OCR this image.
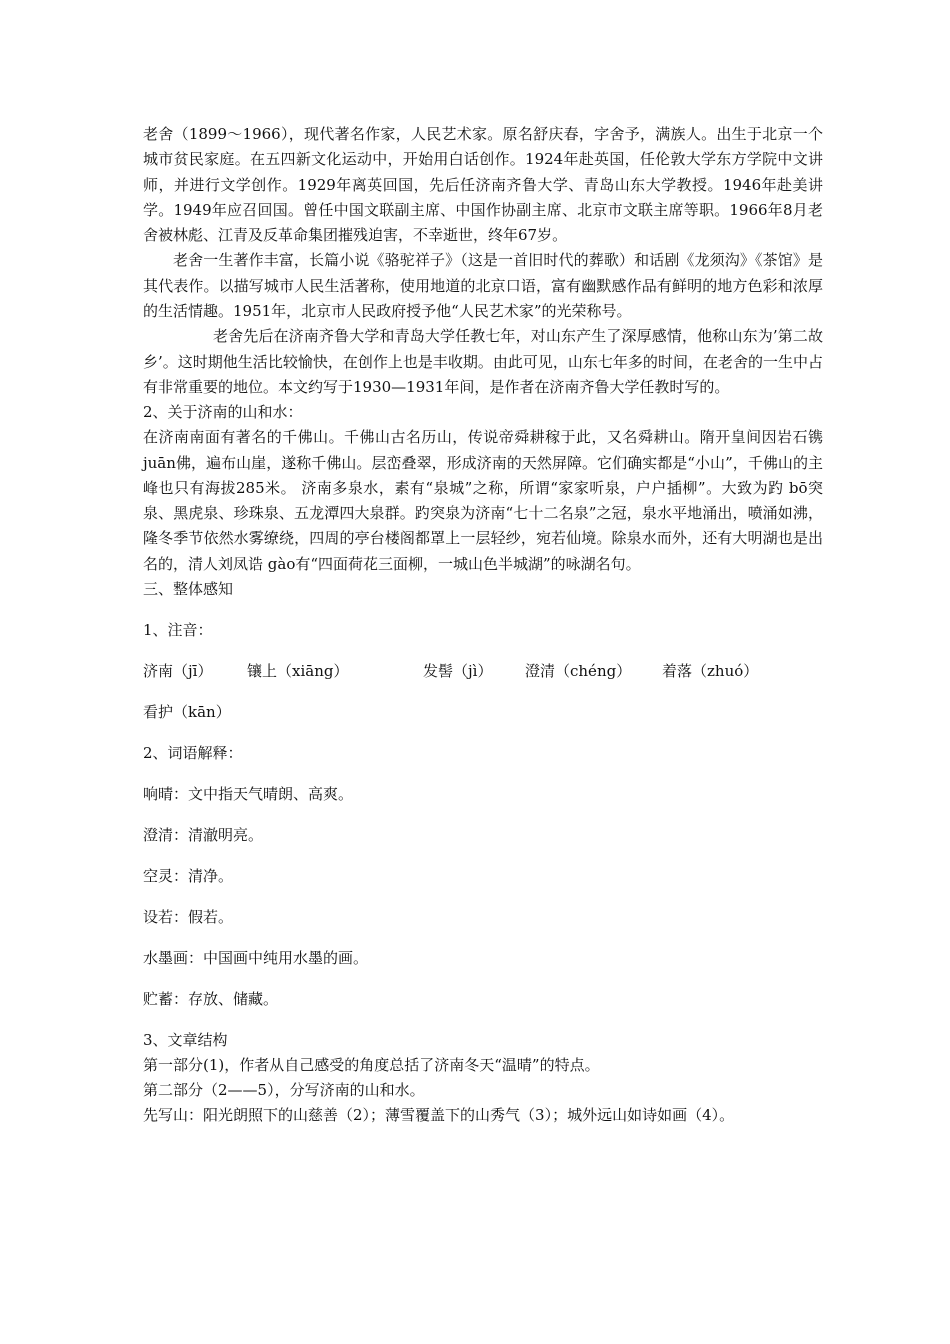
老舍（1899～1966），现代著名作家，人民艺术家。原名舒庆春，字舍予，满族人。出生于北京一个城市贫民家庭。在五四新文化运动中，开始用白话创作。1924年赴英国，任伦敦大学东方学院中文讲师，并进行文学创作。1929年离英回国，先后任济南齐鲁大学、青岛山东大学教授。1946年赴美讲学。1949年应召回国。曾任中国文联副主席、中国作协副主席、北京市文联主席等职。1966年8月老舍被林彪、江青及反革命集团摧残迫害，不幸逝世，终年67岁。

老舍一生著作丰富，长篇小说《骆驼祥子》（这是一首旧时代的葬歌）和话剧《龙须沟》《茶馆》是其代表作。以描写城市人民生活著称，使用地道的北京口语，富有幽默感作品有鲜明的地方色彩和浓厚的生活情趣。1951年，北京市人民政府授予他“人民艺术家”的光荣称号。

老舍先后在济南齐鲁大学和青岛大学任教七年，对山东产生了深厚感情，他称山东为’第二故乡’。这时期他生活比较愉快，在创作上也是丰收期。由此可见，山东七年多的时间，在老舍的一生中占有非常重要的地位。本文约写于1930—1931年间，是作者在济南齐鲁大学任教时写的。

2、关于济南的山和水：

在济南南面有著名的千佛山。千佛山古名历山，传说帝舜耕稼于此，又名舜耕山。隋开皇间因岩石镌 juān佛，遍布山崖，遂称千佛山。层峦叠翠，形成济南的天然屏障。它们确实都是“小山”，千佛山的主峰也只有海拔285米。 济南多泉水，素有“泉城”之称，所谓“家家听泉，户户插柳”。大致为趵 bō突泉、黑虎泉、珍珠泉、五龙潭四大泉群。趵突泉为济南“七十二名泉”之冠，泉水平地涌出，喷涌如沸，隆冬季节依然水雾缭绕，四周的亭台楼阁都罩上一层轻纱，宛若仙境。除泉水而外，还有大明湖也是出名的，清人刘凤诰 gào有“四面荷花三面柳，一城山色半城湖”的咏湖名句。

三、整体感知

1、注音：

济南（jī） 镶上（xiāng）	发髻（jì） 澄清（chéng） 着落（zhuó）

看护（kān）

2、词语解释：

响晴：文中指天气晴朗、高爽。

澄清：清澈明亮。

空灵：清净。

设若：假若。

水墨画：中国画中纯用水墨的画。

贮蓄：存放、储藏。

3、文章结构

第一部分(1)，作者从自己感受的角度总括了济南冬天“温晴”的特点。

第二部分（2——5），分写济南的山和水。

先写山：阳光朗照下的山慈善（2）；薄雪覆盖下的山秀气（3）；城外远山如诗如画（4）。
